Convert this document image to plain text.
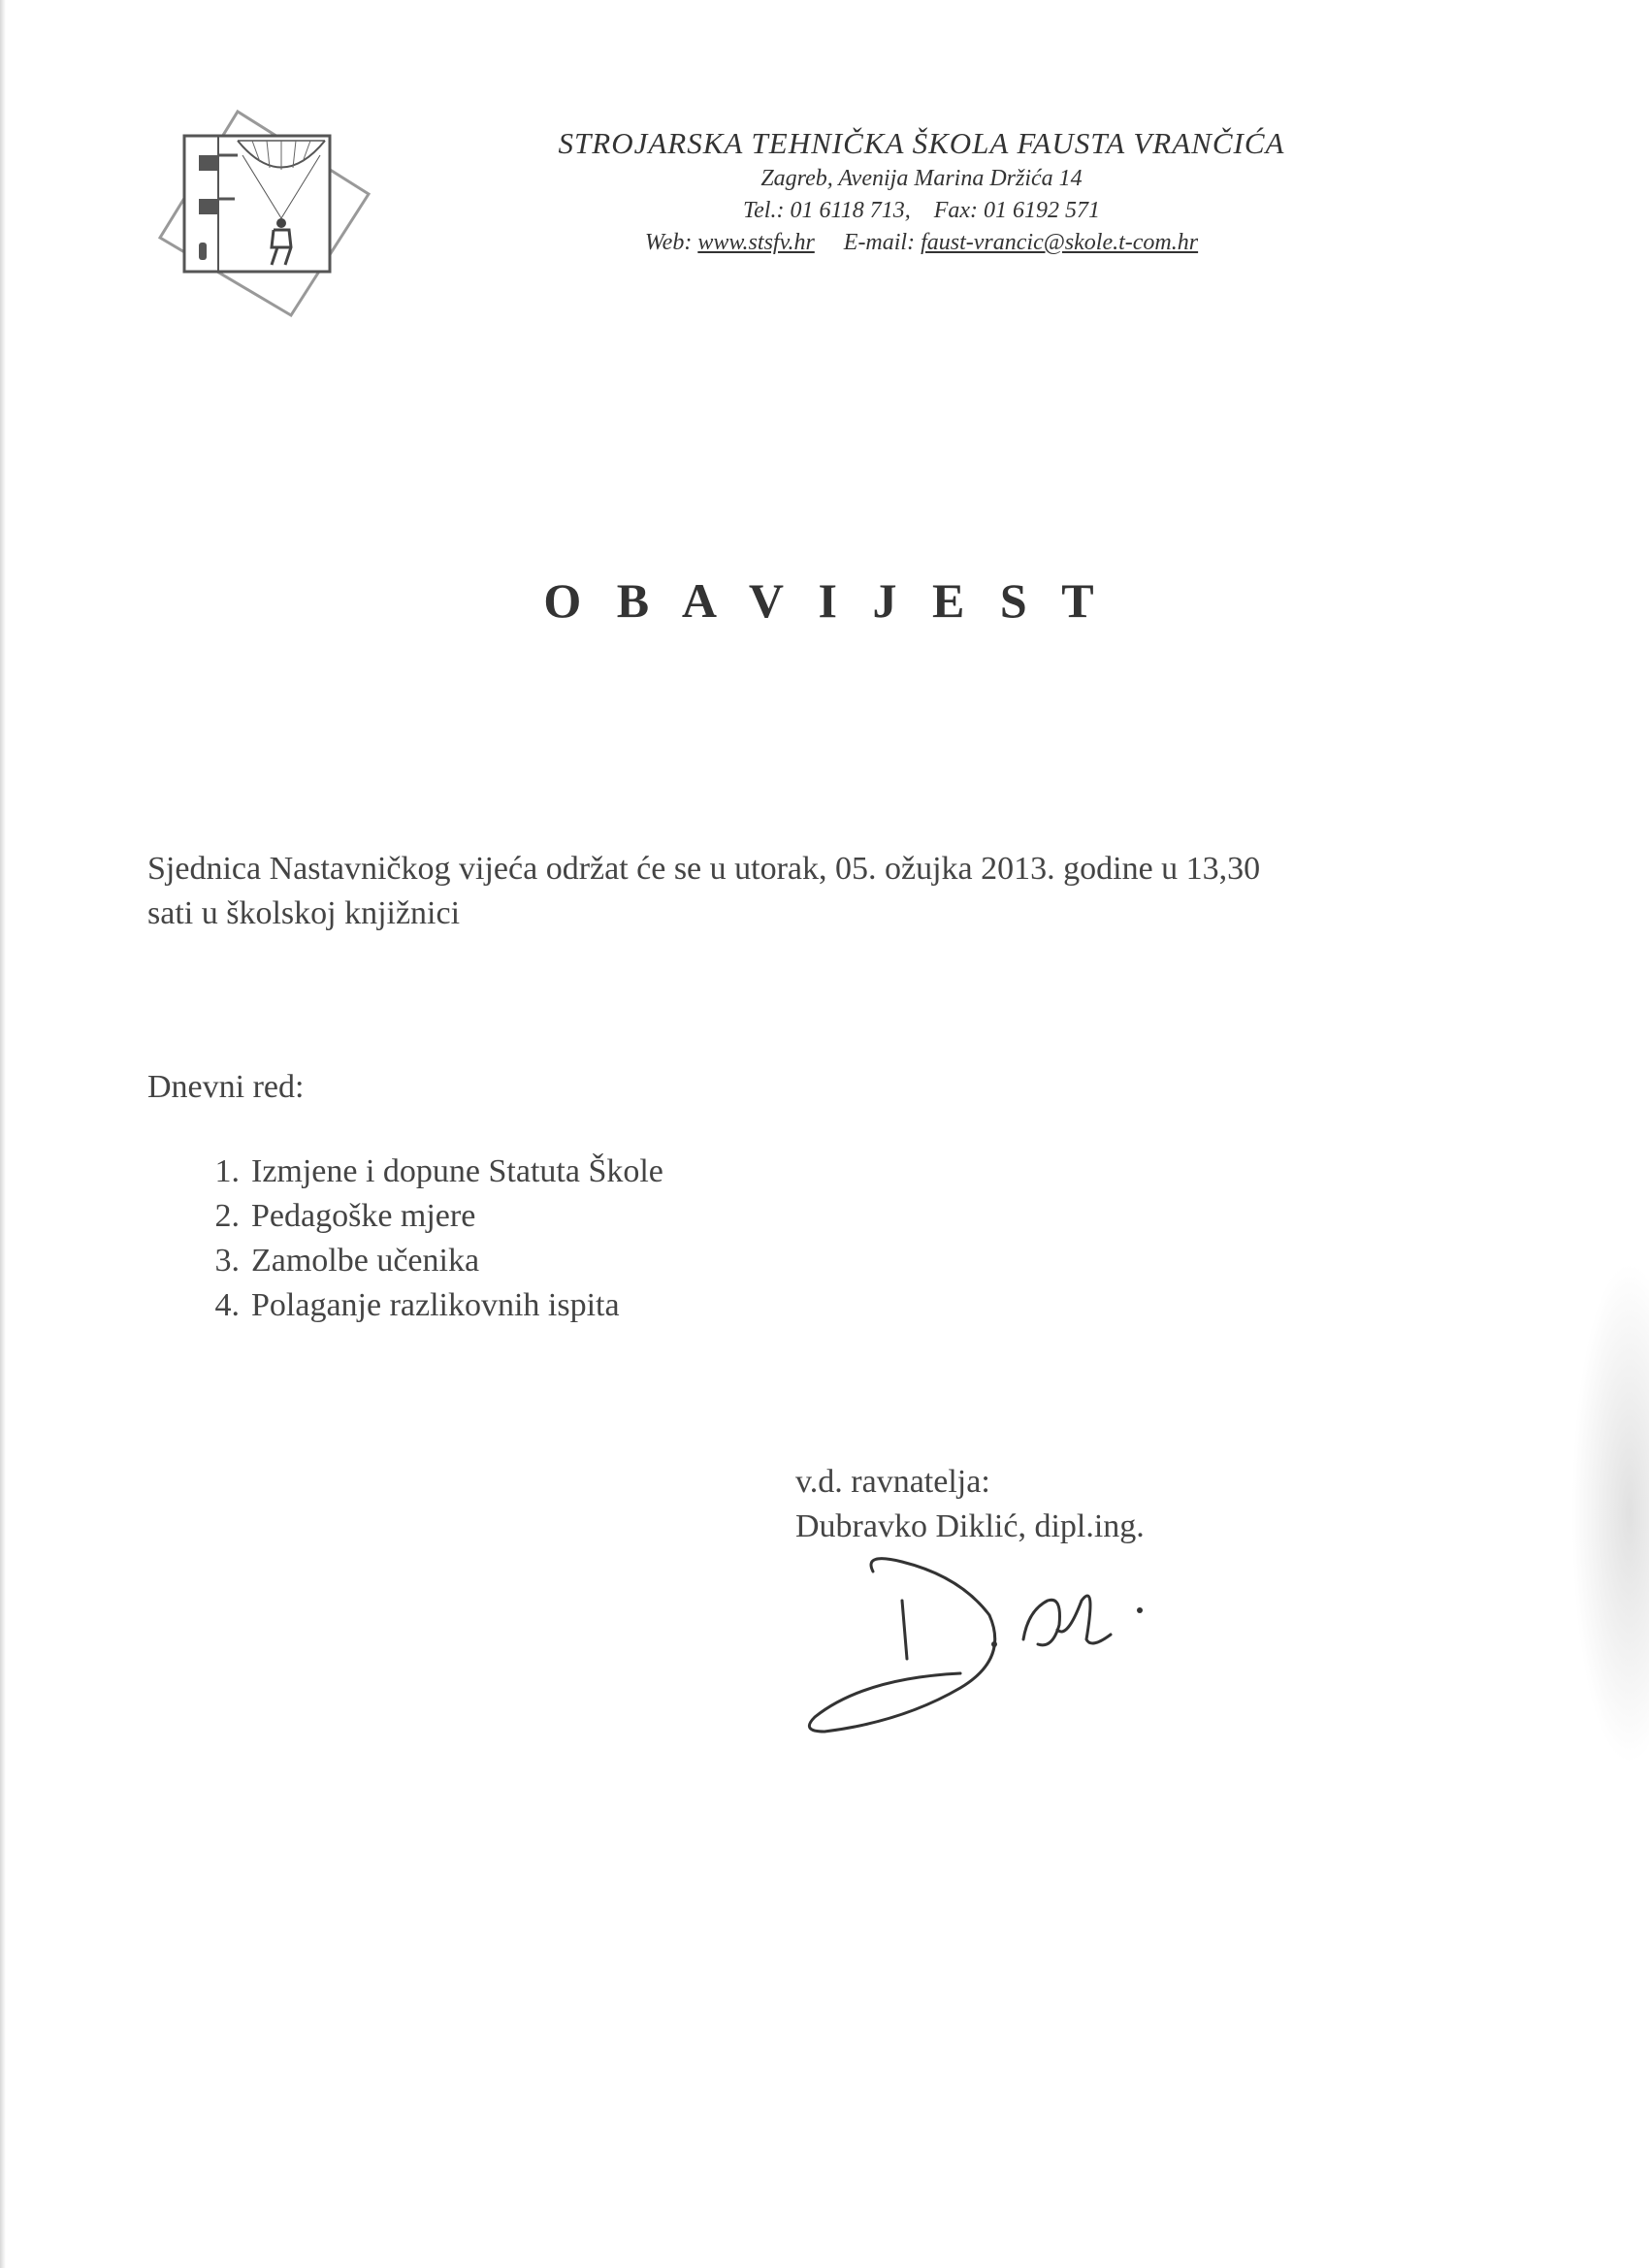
STROJARSKA TEHNIČKA ŠKOLA FAUSTA VRANČIĆA
Zagreb, Avenija Marina Držića 14
Tel.: 01 6118 713, Fax: 01 6192 571
Web: www.stsfv.hr E-mail: faust-vrancic@skole.t-com.hr
O B A V I J E S T
Sjednica Nastavničkog vijeća održat će se u utorak, 05. ožujka 2013. godine u 13,30
sati u školskoj knjižnici
Dnevni red:
1. Izmjene i dopune Statuta Škole
2. Pedagoške mjere
3. Zamolbe učenika
4. Polaganje razlikovnih ispita
v.d. ravnatelja:
Dubravko Diklić, dipl.ing.
